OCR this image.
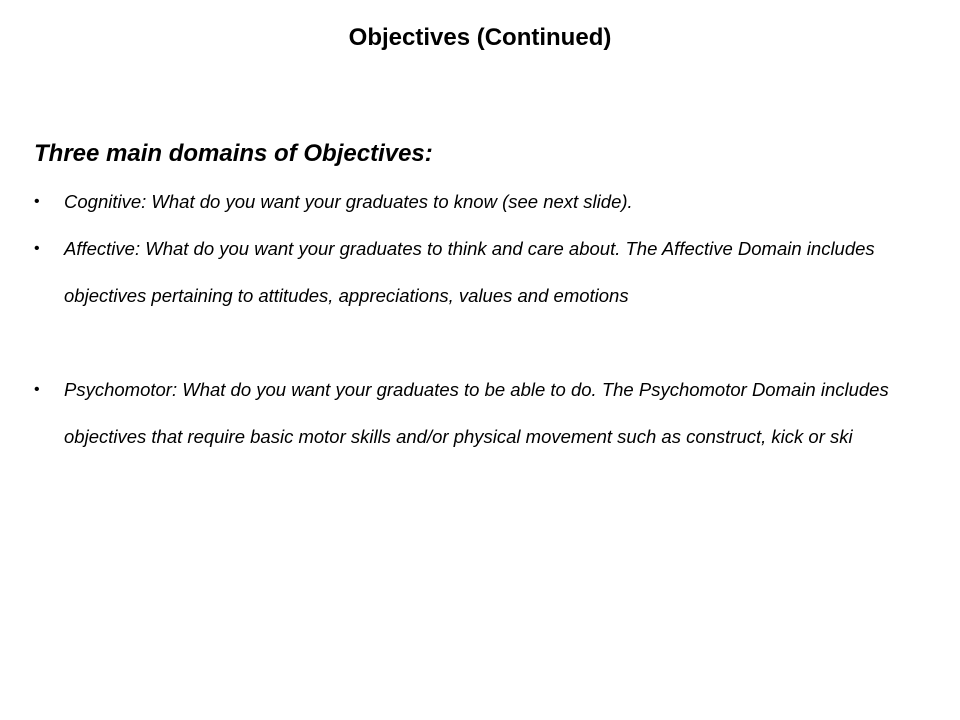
Objectives (Continued)
Three main domains of Objectives:
• Cognitive: What do you want your graduates to know (see next slide).
• Affective: What do you want your graduates to think and care about. The Affective Domain includes objectives pertaining to attitudes, appreciations, values and emotions
• Psychomotor: What do you want your graduates to be able to do. The Psychomotor Domain includes objectives that require basic motor skills and/or physical movement such as construct, kick or ski
